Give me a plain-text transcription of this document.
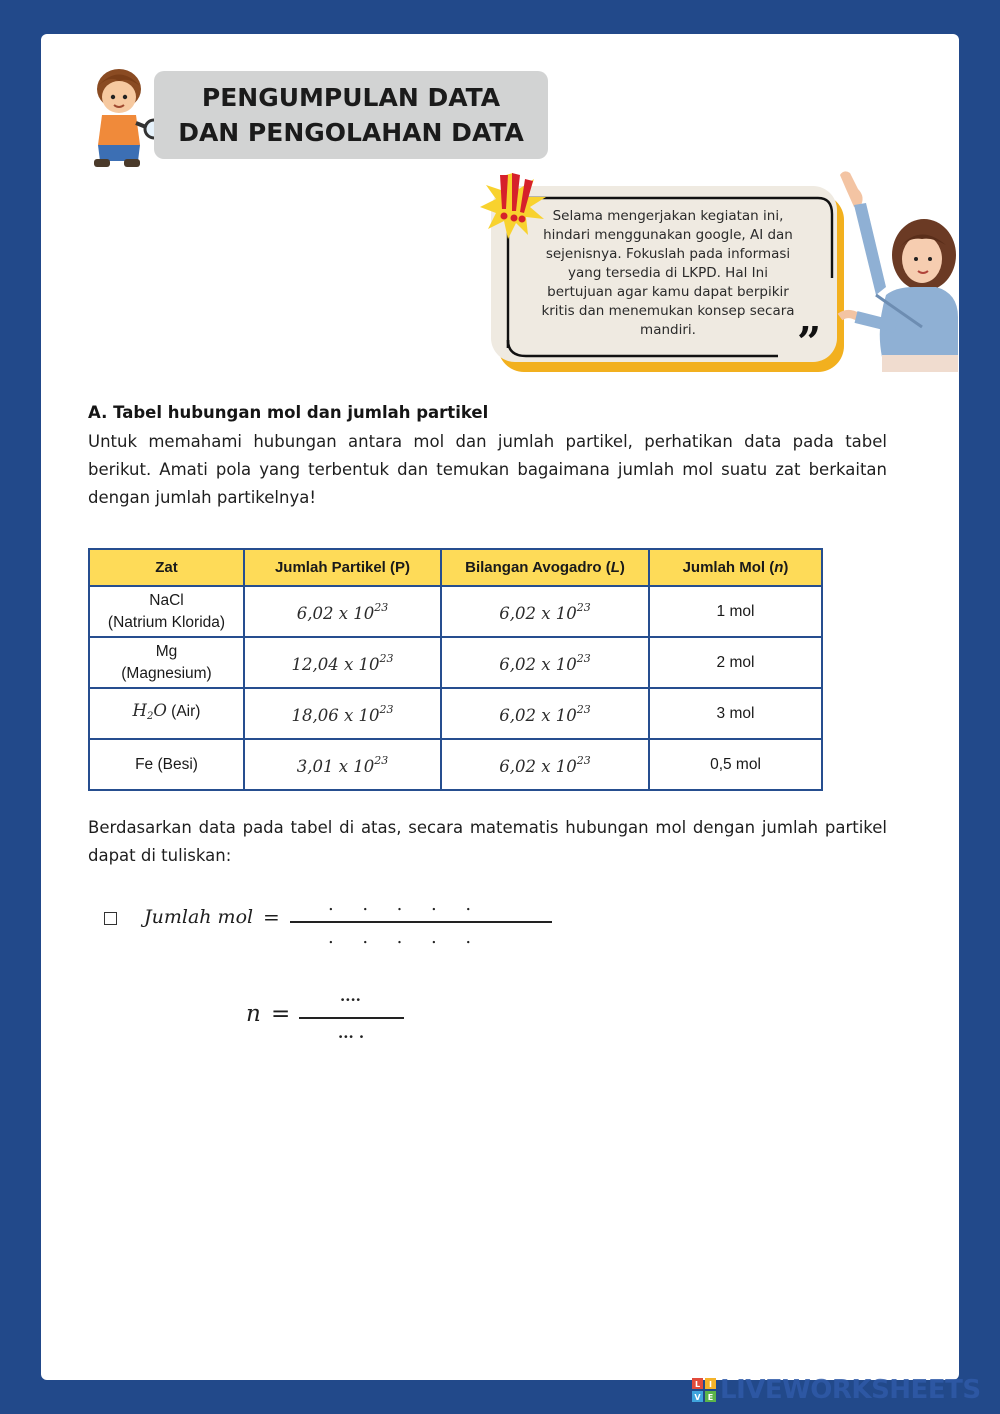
PENGUMPULAN DATA
DAN PENGOLAHAN DATA
Selama mengerjakan kegiatan ini,
hindari menggunakan google, AI dan
sejenisnya. Fokuslah pada informasi
yang tersedia di LKPD. Hal Ini
bertujuan agar kamu dapat berpikir
kritis dan menemukan konsep secara
mandiri.	”
A. Tabel hubungan mol dan jumlah partikel
Untuk memahami hubungan antara mol dan jumlah partikel, perhatikan data pada tabel berikut. Amati pola yang terbentuk dan temukan bagaimana jumlah mol suatu zat berkaitan dengan jumlah partikelnya!
Zat	Jumlah Partikel (P)	Bilangan Avogadro (L)	Jumlah Mol (n)

NaCl
(Natrium Klorida)	6,02 x $10^{23}$	6,02 x $10^{23}$	1 mol

Mg
(Magnesium)	12,04 x $10^{23}$	6,02 x $10^{23}$	2 mol
$H_2O$ (Air)	18,06 x $10^{23}$	6,02 x $10^{23}$	3 mol
Fe (Besi)	3,01 x $10^{23}$	6,02 x $10^{23}$	0,5 mol
Berdasarkan data pada tabel di atas, secara matematis hubungan mol dengan jumlah partikel dapat di tuliskan:
Jumlah mol =
.     .     .     .     .
.     .     .     .     .
n =
....
... .
L I
V E LIVEWORKSHEETS
